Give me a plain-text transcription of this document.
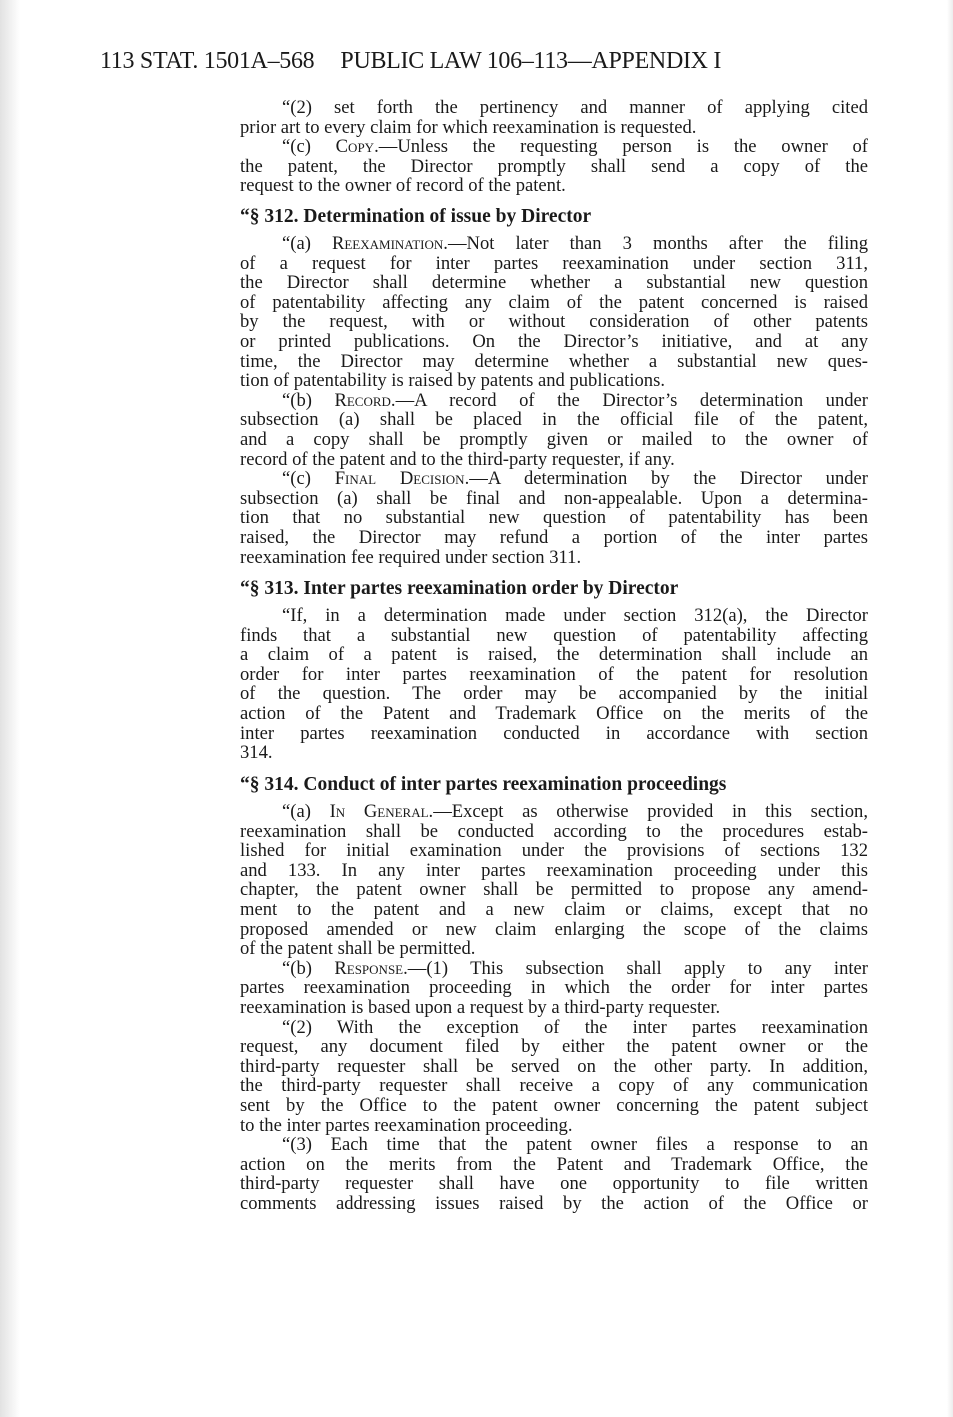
113 STAT. 1501A–568 PUBLIC LAW 106–113—APPENDIX I
“(2) set forth the pertinency and manner of applying cited
prior art to every claim for which reexamination is requested.
“(c) Copy.—Unless the requesting person is the owner of
the patent, the Director promptly shall send a copy of the
request to the owner of record of the patent.
“§ 312. Determination of issue by Director
“(a) Reexamination.—Not later than 3 months after the filing
of a request for inter partes reexamination under section 311,
the Director shall determine whether a substantial new question
of patentability affecting any claim of the patent concerned is raised
by the request, with or without consideration of other patents
or printed publications. On the Director’s initiative, and at any
time, the Director may determine whether a substantial new ques-
tion of patentability is raised by patents and publications.
“(b) Record.—A record of the Director’s determination under
subsection (a) shall be placed in the official file of the patent,
and a copy shall be promptly given or mailed to the owner of
record of the patent and to the third-party requester, if any.
“(c) Final Decision.—A determination by the Director under
subsection (a) shall be final and non-appealable. Upon a determina-
tion that no substantial new question of patentability has been
raised, the Director may refund a portion of the inter partes
reexamination fee required under section 311.
“§ 313. Inter partes reexamination order by Director
“If, in a determination made under section 312(a), the Director
finds that a substantial new question of patentability affecting
a claim of a patent is raised, the determination shall include an
order for inter partes reexamination of the patent for resolution
of the question. The order may be accompanied by the initial
action of the Patent and Trademark Office on the merits of the
inter partes reexamination conducted in accordance with section
314.
“§ 314. Conduct of inter partes reexamination proceedings
“(a) In General.—Except as otherwise provided in this section,
reexamination shall be conducted according to the procedures estab-
lished for initial examination under the provisions of sections 132
and 133. In any inter partes reexamination proceeding under this
chapter, the patent owner shall be permitted to propose any amend-
ment to the patent and a new claim or claims, except that no
proposed amended or new claim enlarging the scope of the claims
of the patent shall be permitted.
“(b) Response.—(1) This subsection shall apply to any inter
partes reexamination proceeding in which the order for inter partes
reexamination is based upon a request by a third-party requester.
“(2) With the exception of the inter partes reexamination
request, any document filed by either the patent owner or the
third-party requester shall be served on the other party. In addition,
the third-party requester shall receive a copy of any communication
sent by the Office to the patent owner concerning the patent subject
to the inter partes reexamination proceeding.
“(3) Each time that the patent owner files a response to an
action on the merits from the Patent and Trademark Office, the
third-party requester shall have one opportunity to file written
comments addressing issues raised by the action of the Office or
